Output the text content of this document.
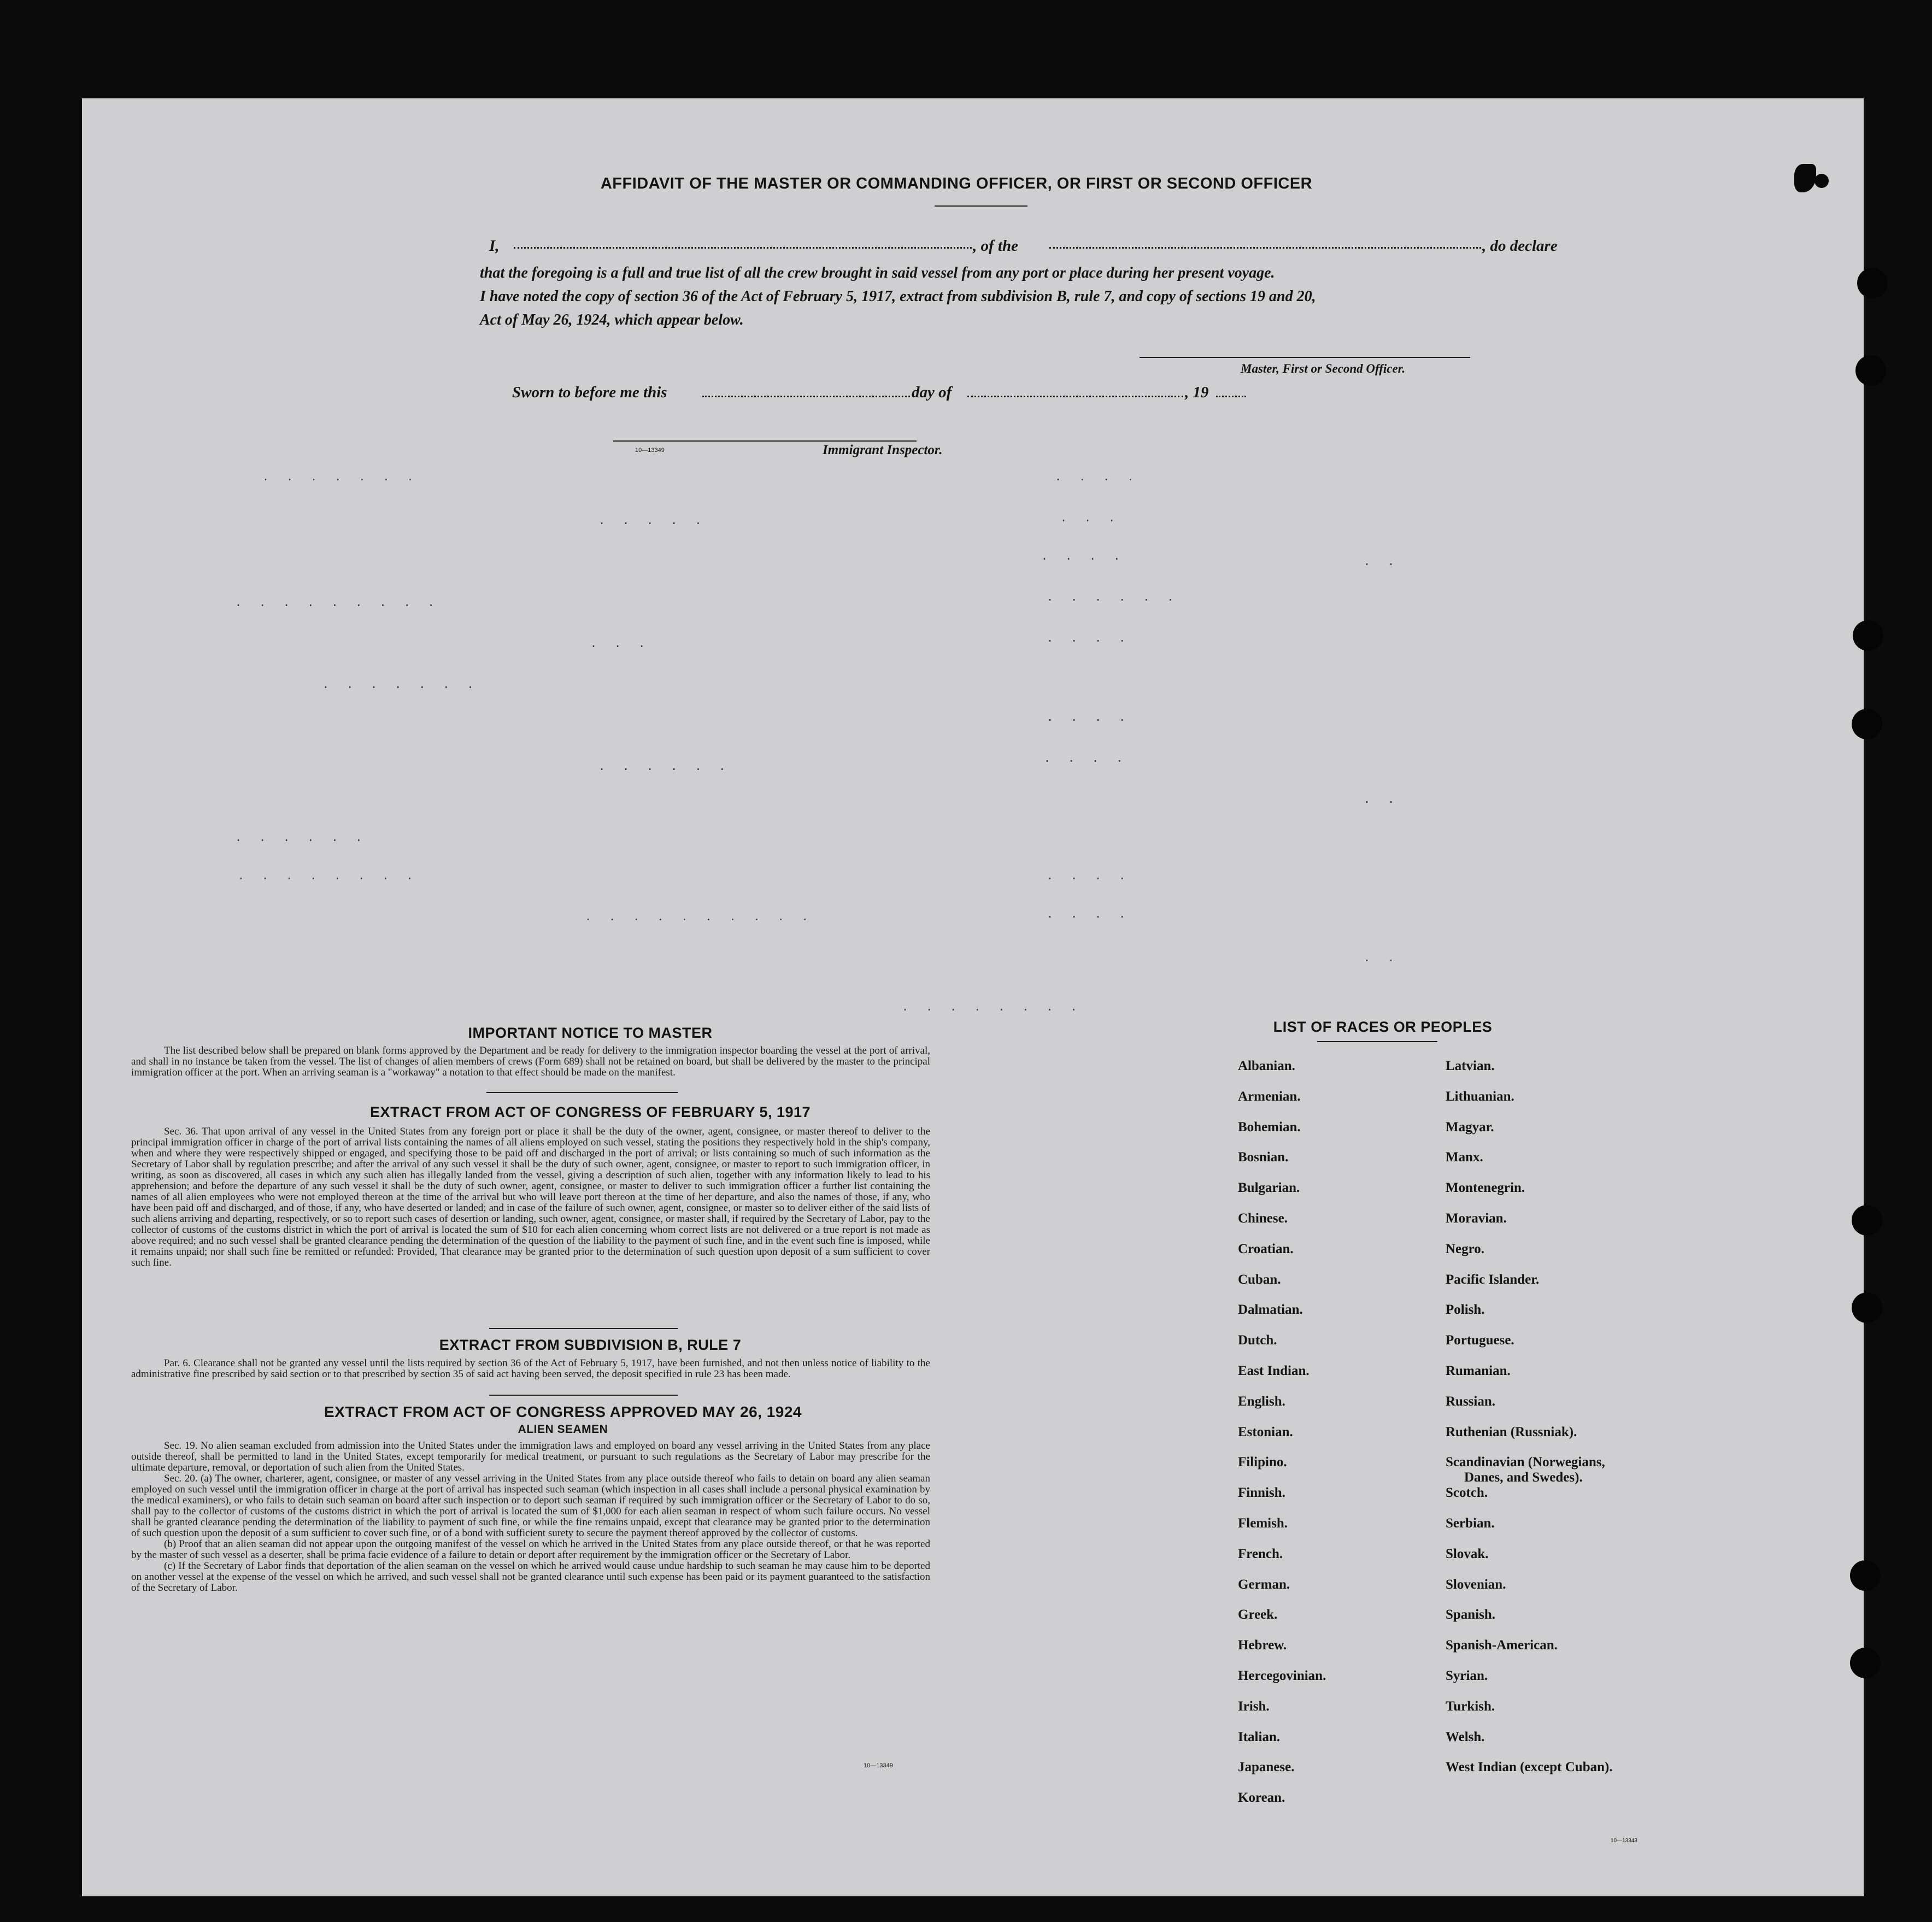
AFFIDAVIT OF THE MASTER OR COMMANDING OFFICER, OR FIRST OR SECOND OFFICER
I,	, of the	, do declare
that the foregoing is a full and true list of all the crew brought in said vessel from any port or place during her present voyage.
I have noted the copy of section 36 of the Act of February 5, 1917, extract from subdivision B, rule 7, and copy of sections 19 and 20,
Act of May 26, 1924, which appear below.
Master, First or Second Officer.
Sworn to before me this	day of	, 19
10—13349	Immigrant Inspector.
. . . . . . .
. . . . .
. . . .
. . .
. . . .
. . . . . .
. .
. . . . . . . . .
. . .	. . . .
. . . . . . .
. . . . . .
. . . .
. . . .
. .
. . . . . .
. . . . . . . .
. . . . . . . . . .
. . . .
. . . .
. .
. . . . . . . .
IMPORTANT NOTICE TO MASTER
The list described below shall be prepared on blank forms approved by the Department and be ready for delivery to the immigration inspector boarding the vessel at the port of arrival, and shall in no instance be taken from the vessel. The list of changes of alien members of crews (Form 689) shall not be retained on board, but shall be delivered by the master to the principal immigration officer at the port. When an arriving seaman is a "workaway" a notation to that effect should be made on the manifest.
EXTRACT FROM ACT OF CONGRESS OF FEBRUARY 5, 1917
Sec. 36. That upon arrival of any vessel in the United States from any foreign port or place it shall be the duty of the owner, agent, consignee, or master thereof to deliver to the principal immigration officer in charge of the port of arrival lists containing the names of all aliens employed on such vessel, stating the positions they respectively hold in the ship's company, when and where they were respectively shipped or engaged, and specifying those to be paid off and discharged in the port of arrival; or lists containing so much of such information as the Secretary of Labor shall by regulation prescribe; and after the arrival of any such vessel it shall be the duty of such owner, agent, consignee, or master to report to such immigration officer, in writing, as soon as discovered, all cases in which any such alien has illegally landed from the vessel, giving a description of such alien, together with any information likely to lead to his apprehension; and before the departure of any such vessel it shall be the duty of such owner, agent, consignee, or master to deliver to such immigration officer a further list containing the names of all alien employees who were not employed thereon at the time of the arrival but who will leave port thereon at the time of her departure, and also the names of those, if any, who have been paid off and discharged, and of those, if any, who have deserted or landed; and in case of the failure of such owner, agent, consignee, or master so to deliver either of the said lists of such aliens arriving and departing, respectively, or so to report such cases of desertion or landing, such owner, agent, consignee, or master shall, if required by the Secretary of Labor, pay to the collector of customs of the customs district in which the port of arrival is located the sum of $10 for each alien concerning whom correct lists are not delivered or a true report is not made as above required; and no such vessel shall be granted clearance pending the determination of the question of the liability to the payment of such fine, and in the event such fine is imposed, while it remains unpaid; nor shall such fine be remitted or refunded: Provided, That clearance may be granted prior to the determination of such question upon deposit of a sum sufficient to cover such fine.
EXTRACT FROM SUBDIVISION B, RULE 7
Par. 6. Clearance shall not be granted any vessel until the lists required by section 36 of the Act of February 5, 1917, have been furnished, and not then unless notice of liability to the administrative fine prescribed by said section or to that prescribed by section 35 of said act having been served, the deposit specified in rule 23 has been made.
EXTRACT FROM ACT OF CONGRESS APPROVED MAY 26, 1924
ALIEN SEAMEN
Sec. 19. No alien seaman excluded from admission into the United States under the immigration laws and employed on board any vessel arriving in the United States from any place outside thereof, shall be permitted to land in the United States, except temporarily for medical treatment, or pursuant to such regulations as the Secretary of Labor may prescribe for the ultimate departure, removal, or deportation of such alien from the United States.
Sec. 20. (a) The owner, charterer, agent, consignee, or master of any vessel arriving in the United States from any place outside thereof who fails to detain on board any alien seaman employed on such vessel until the immigration officer in charge at the port of arrival has inspected such seaman (which inspection in all cases shall include a personal physical examination by the medical examiners), or who fails to detain such seaman on board after such inspection or to deport such seaman if required by such immigration officer or the Secretary of Labor to do so, shall pay to the collector of customs of the customs district in which the port of arrival is located the sum of $1,000 for each alien seaman in respect of whom such failure occurs. No vessel shall be granted clearance pending the determination of the liability to payment of such fine, or while the fine remains unpaid, except that clearance may be granted prior to the determination of such question upon the deposit of a sum sufficient to cover such fine, or of a bond with sufficient surety to secure the payment thereof approved by the collector of customs.
(b) Proof that an alien seaman did not appear upon the outgoing manifest of the vessel on which he arrived in the United States from any place outside thereof, or that he was reported by the master of such vessel as a deserter, shall be prima facie evidence of a failure to detain or deport after requirement by the immigration officer or the Secretary of Labor.
(c) If the Secretary of Labor finds that deportation of the alien seaman on the vessel on which he arrived would cause undue hardship to such seaman he may cause him to be deported on another vessel at the expense of the vessel on which he arrived, and such vessel shall not be granted clearance until such expense has been paid or its payment guaranteed to the satisfaction of the Secretary of Labor.
10—13349
LIST OF RACES OR PEOPLES
Albanian.
Armenian.
Bohemian.
Bosnian.
Bulgarian.
Chinese.
Croatian.
Cuban.
Dalmatian.
Dutch.
East Indian.
English.
Estonian.
Filipino.
Finnish.
Flemish.
French.
German.
Greek.
Hebrew.
Hercegovinian.
Irish.
Italian.
Japanese.
Korean.
Latvian.
Lithuanian.
Magyar.
Manx.
Montenegrin.
Moravian.
Negro.
Pacific Islander.
Polish.
Portuguese.
Rumanian.
Russian.
Ruthenian (Russniak).
Scandinavian (Norwegians,
Danes, and Swedes).
Scotch.
Serbian.
Slovak.
Slovenian.
Spanish.
Spanish-American.
Syrian.
Turkish.
Welsh.
West Indian (except Cuban).
10—13343
